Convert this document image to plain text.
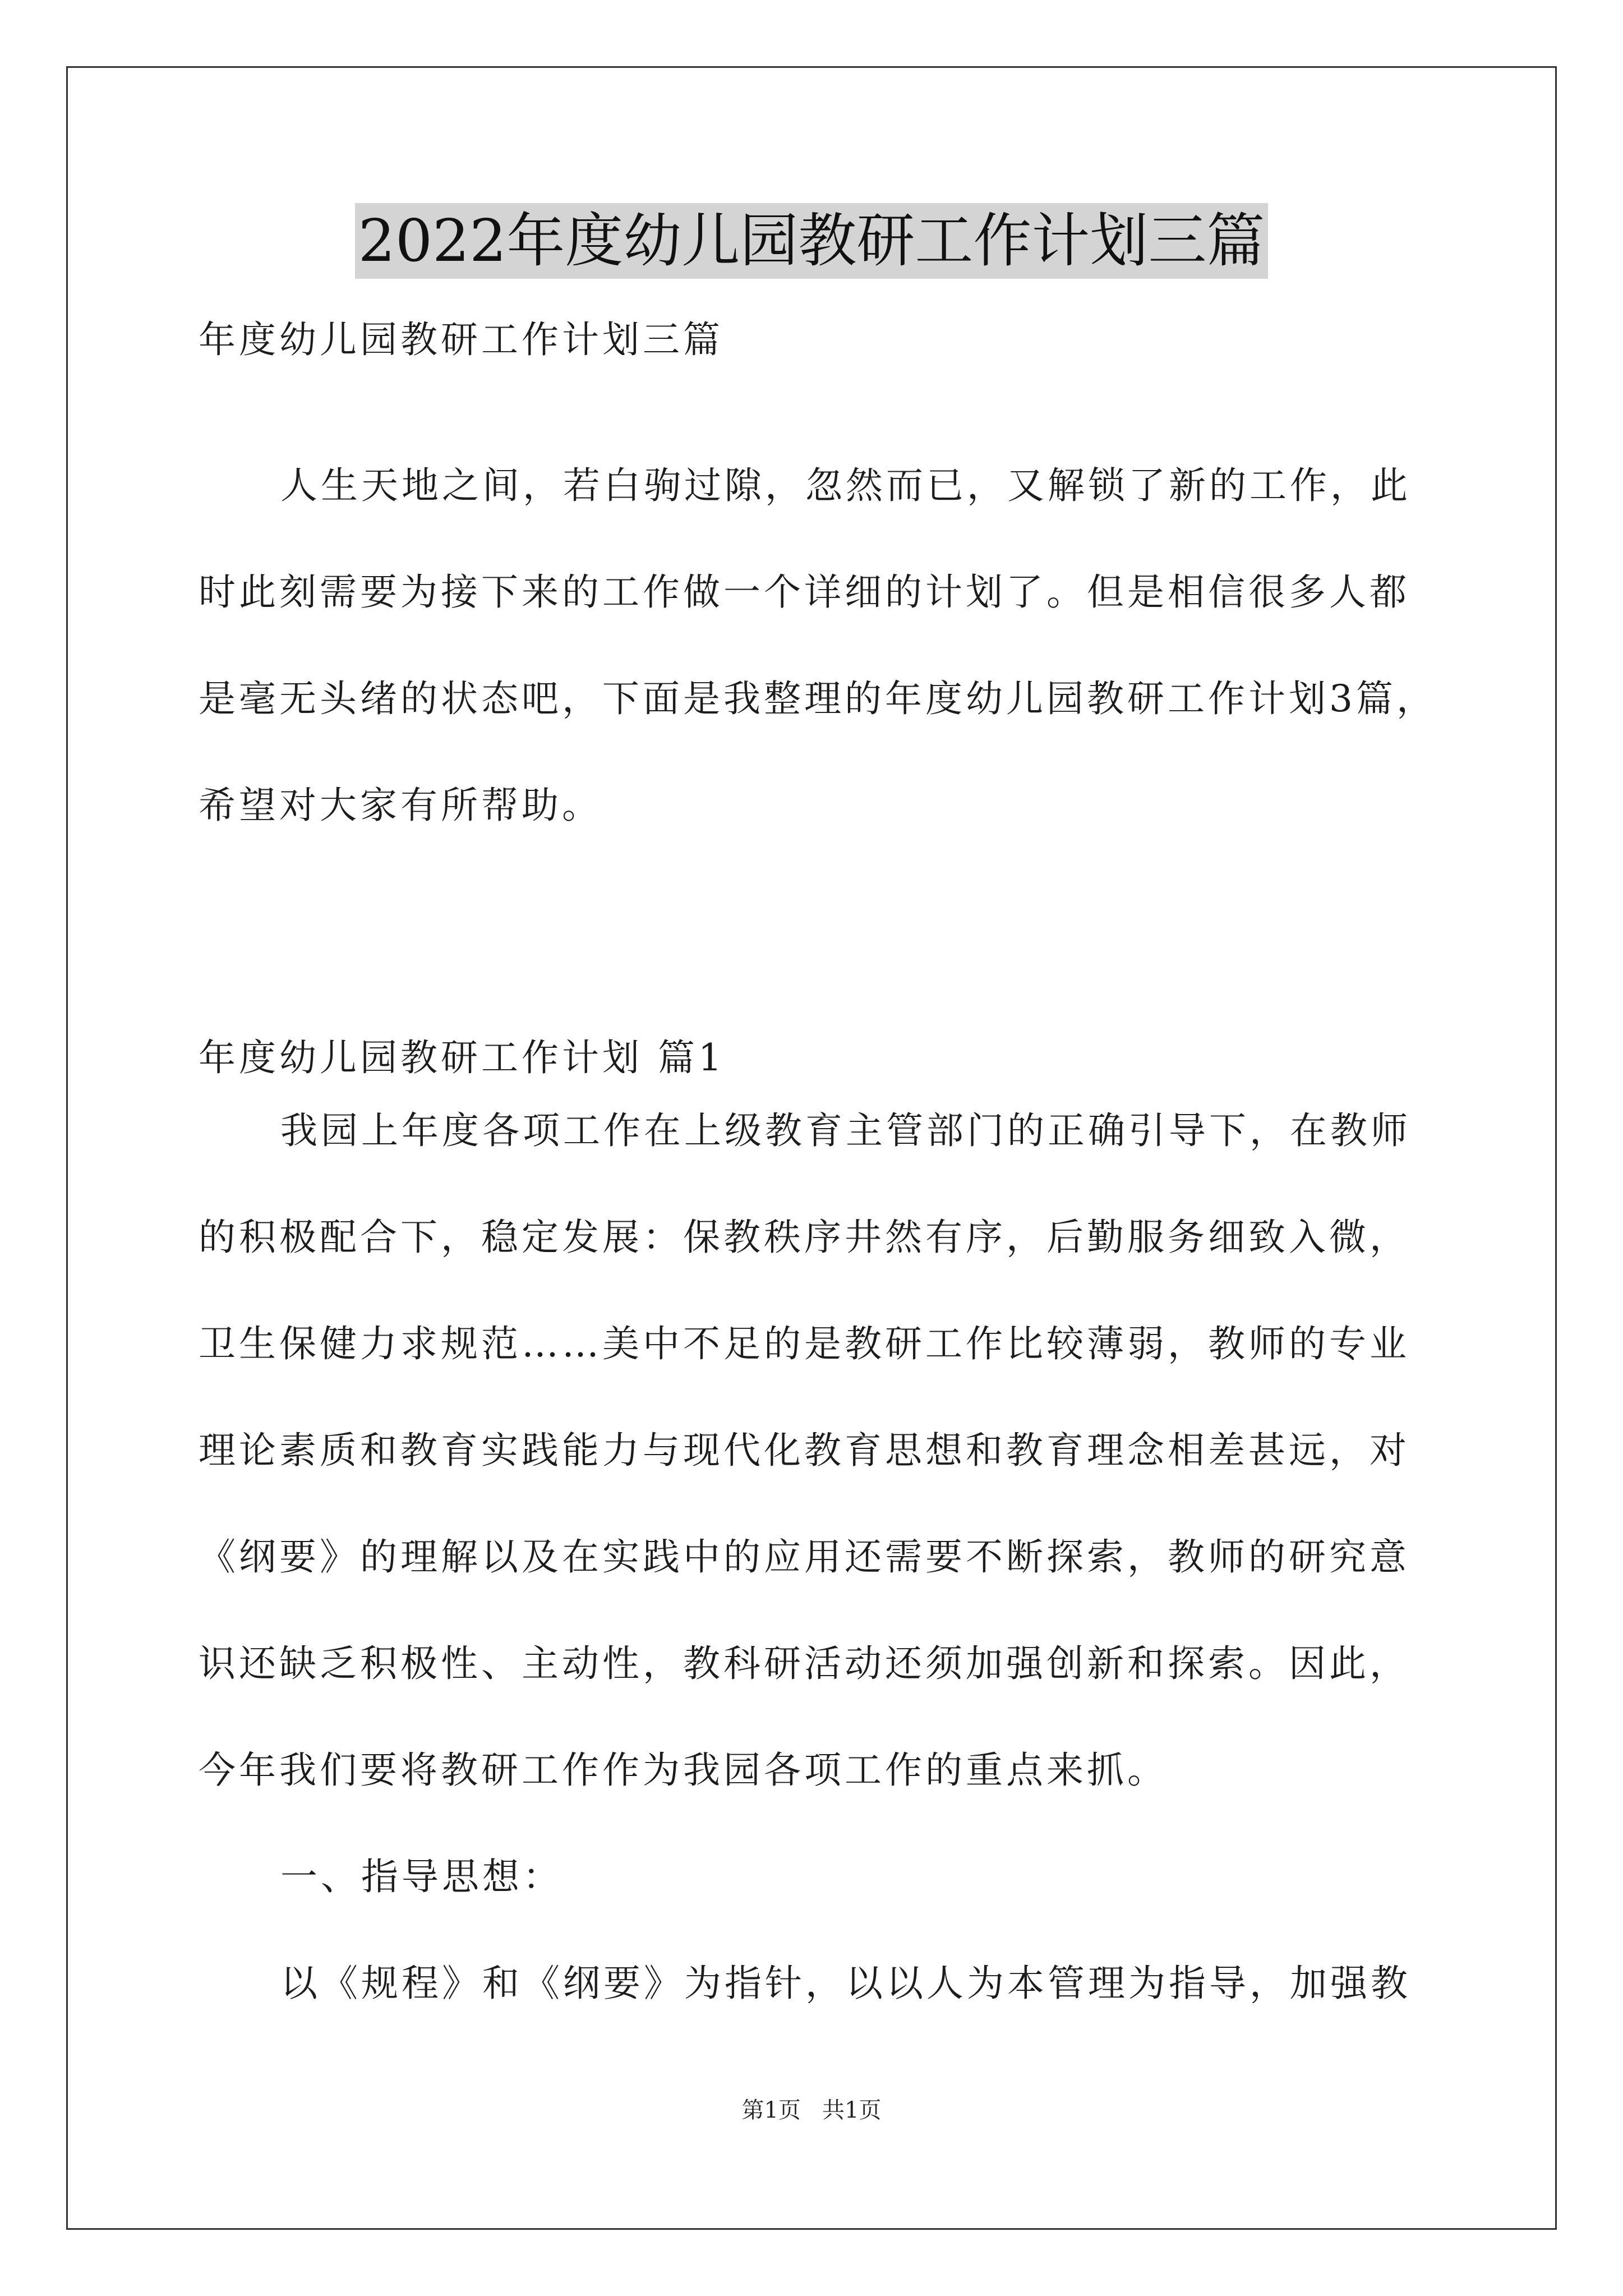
2022年度幼儿园教研工作计划三篇
年度幼儿园教研工作计划三篇
人生天地之间，若白驹过隙，忽然而已，又解锁了新的工作，此
时此刻需要为接下来的工作做一个详细的计划了。但是相信很多人都
是毫无头绪的状态吧，下面是我整理的年度幼儿园教研工作计划3篇，
希望对大家有所帮助。
年度幼儿园教研工作计划 篇1
我园上年度各项工作在上级教育主管部门的正确引导下，在教师
的积极配合下，稳定发展：保教秩序井然有序，后勤服务细致入微，
卫生保健力求规范……美中不足的是教研工作比较薄弱，教师的专业
理论素质和教育实践能力与现代化教育思想和教育理念相差甚远，对
《纲要》的理解以及在实践中的应用还需要不断探索，教师的研究意
识还缺乏积极性、主动性，教科研活动还须加强创新和探索。因此，
今年我们要将教研工作作为我园各项工作的重点来抓。
一、指导思想：
以《规程》和《纲要》为指针，以以人为本管理为指导，加强教
第1页   共1页
